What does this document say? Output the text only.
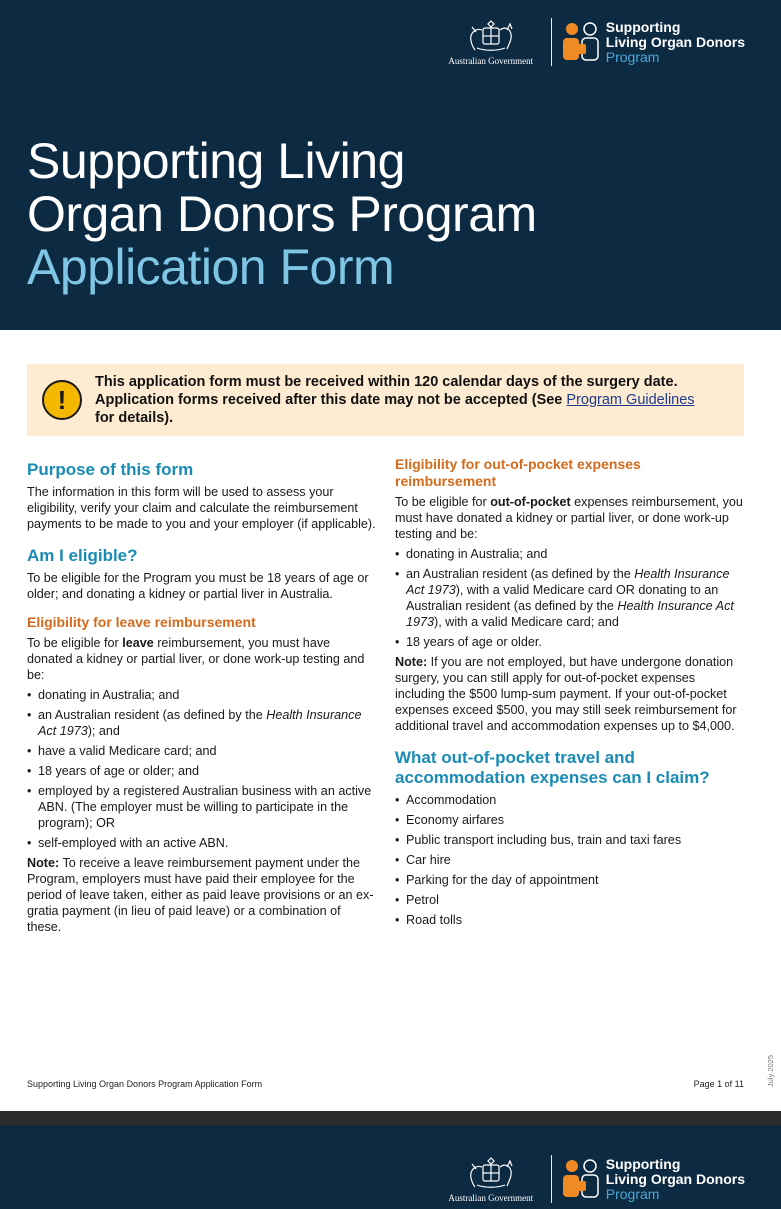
Australian Government
Supporting
Living Organ Donors
Program
Supporting Living
Organ Donors Program
Application Form
!
This application form must be received within 120 calendar days of the surgery date.
Application forms received after this date may not be accepted (See Program Guidelines
for details).
Purpose of this form

The information in this form will be used to assess your eligibility, verify your claim and calculate the reimbursement payments to be made to you and your employer (if applicable).

Am I eligible?

To be eligible for the Program you must be 18 years of age or older; and donating a kidney or partial liver in Australia.

Eligibility for leave reimbursement

To be eligible for leave reimbursement, you must have donated a kidney or partial liver, or done work-up testing and be:

• donating in Australia; and
• an Australian resident (as defined by the Health Insurance Act 1973); and
• have a valid Medicare card; and
• 18 years of age or older; and
• employed by a registered Australian business with an active ABN. (The employer must be willing to participate in the program); OR
• self-employed with an active ABN.

Note: To receive a leave reimbursement payment under the Program, employers must have paid their employee for the period of leave taken, either as paid leave provisions or an ex-gratia payment (in lieu of paid leave) or a combination of these.

Eligibility for out-of-pocket expenses reimbursement

To be eligible for out-of-pocket expenses reimbursement, you must have donated a kidney or partial liver, or done work-up testing and be:

• donating in Australia; and
• an Australian resident (as defined by the Health Insurance Act 1973), with a valid Medicare card OR donating to an Australian resident (as defined by the Health Insurance Act 1973), with a valid Medicare card; and
• 18 years of age or older.

Note: If you are not employed, but have undergone donation surgery, you can still apply for out-of-pocket expenses including the $500 lump-sum payment. If your out-of-pocket expenses exceed $500, you may still seek reimbursement for additional travel and accommodation expenses up to $4,000.

What out-of-pocket travel and accommodation expenses can I claim?
• Accommodation
• Economy airfares
• Public transport including bus, train and taxi fares
• Car hire
• Parking for the day of appointment
• Petrol
• Road tolls
July 2025
Supporting Living Organ Donors Program Application Form	Page 1 of 11
Australian Government
Supporting
Living Organ Donors
Program
